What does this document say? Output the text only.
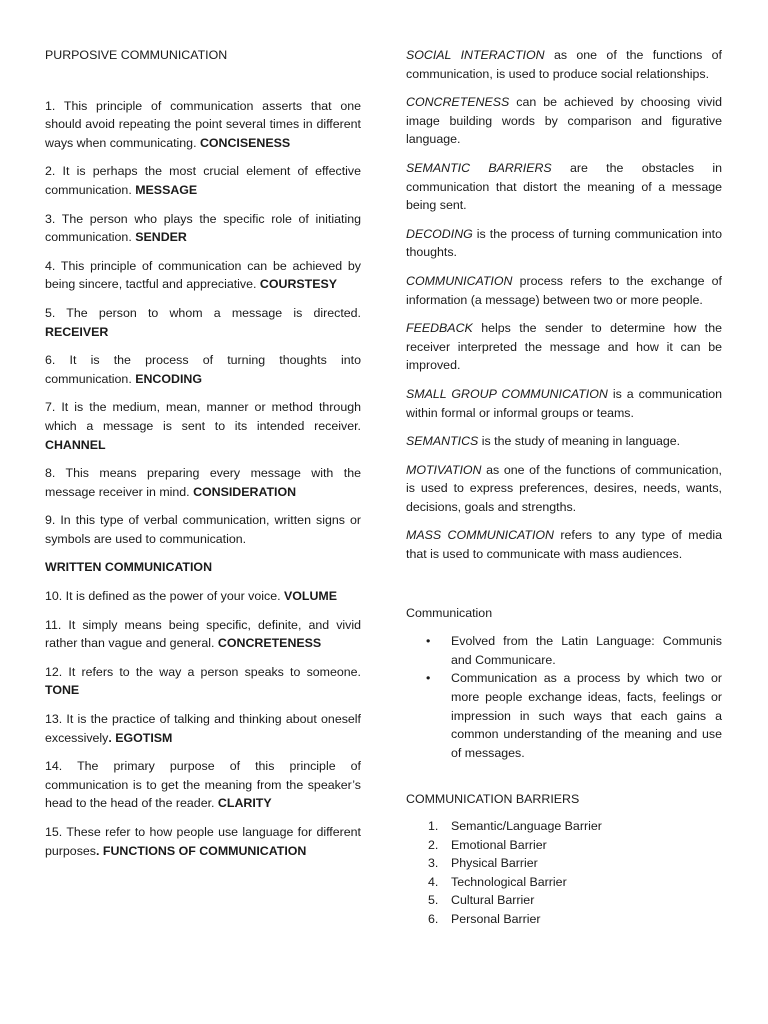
PURPOSIVE COMMUNICATION

1. This principle of communication asserts that one should avoid repeating the point several times in different ways when communicating. CONCISENESS

2. It is perhaps the most crucial element of effective communication. MESSAGE

3. The person who plays the specific role of initiating communication. SENDER

4. This principle of communication can be achieved by being sincere, tactful and appreciative. COURSTESY

5. The person to whom a message is directed. RECEIVER

6. It is the process of turning thoughts into communication. ENCODING

7. It is the medium, mean, manner or method through which a message is sent to its intended receiver. CHANNEL

8. This means preparing every message with the message receiver in mind. CONSIDERATION

9. In this type of verbal communication, written signs or symbols are used to communication.

WRITTEN COMMUNICATION

10. It is defined as the power of your voice. VOLUME

11. It simply means being specific, definite, and vivid rather than vague and general. CONCRETENESS

12. It refers to the way a person speaks to someone. TONE

13. It is the practice of talking and thinking about oneself excessively. EGOTISM

14. The primary purpose of this principle of communication is to get the meaning from the speaker’s head to the head of the reader. CLARITY

15. These refer to how people use language for different purposes. FUNCTIONS OF COMMUNICATION

SOCIAL INTERACTION as one of the functions of communication, is used to produce social relationships.

CONCRETENESS can be achieved by choosing vivid image building words by comparison and figurative language.

SEMANTIC BARRIERS are the obstacles in communication that distort the meaning of a message being sent.

DECODING is the process of turning communication into thoughts.

COMMUNICATION process refers to the exchange of information (a message) between two or more people.

FEEDBACK helps the sender to determine how the receiver interpreted the message and how it can be improved.

SMALL GROUP COMMUNICATION is a communication within formal or informal groups or teams.

SEMANTICS is the study of meaning in language.

MOTIVATION as one of the functions of communication, is used to express preferences, desires, needs, wants, decisions, goals and strengths.

MASS COMMUNICATION refers to any type of media that is used to communicate with mass audiences.

Communication

• Evolved from the Latin Language: Communis and Communicare.
• Communication as a process by which two or more people exchange ideas, facts, feelings or impression in such ways that each gains a common understanding of the meaning and use of messages.

COMMUNICATION BARRIERS

1. Semantic/Language Barrier
2. Emotional Barrier
3. Physical Barrier
4. Technological Barrier
5. Cultural Barrier
6. Personal Barrier
